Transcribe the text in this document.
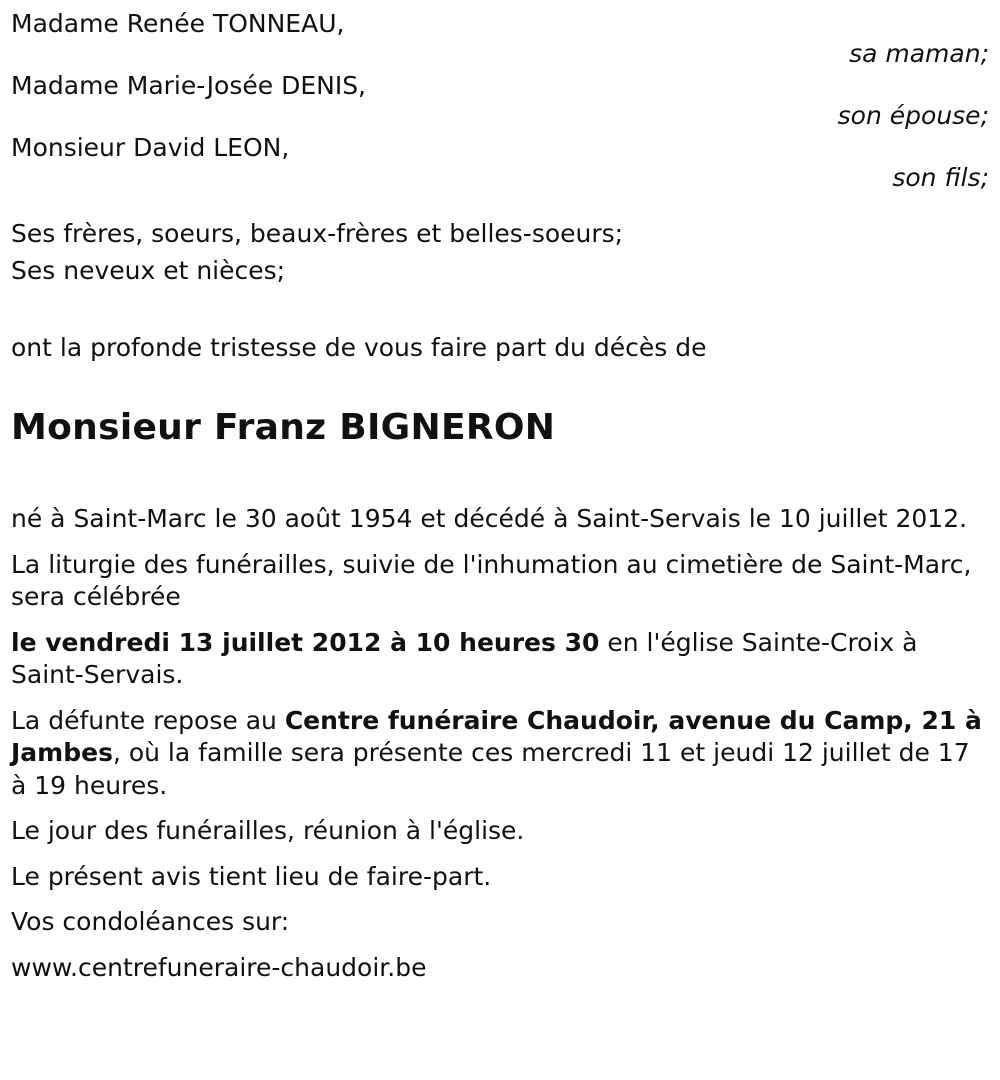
Madame Renée TONNEAU,
sa maman;
Madame Marie-Josée DENIS,
son épouse;
Monsieur David LEON,
son fils;
Ses frères, soeurs, beaux-frères et belles-soeurs;
Ses neveux et nièces;
ont la profonde tristesse de vous faire part du décès de
Monsieur Franz BIGNERON

né à Saint-Marc le 30 août 1954 et décédé à Saint-Servais le 10 juillet 2012.

La liturgie des funérailles, suivie de l'inhumation au cimetière de Saint-Marc, sera célébrée

le vendredi 13 juillet 2012 à 10 heures 30 en l'église Sainte-Croix à Saint-Servais.

La défunte repose au Centre funéraire Chaudoir, avenue du Camp, 21 à Jambes, où la famille sera présente ces mercredi 11 et jeudi 12 juillet de 17 à 19 heures.

Le jour des funérailles, réunion à l'église.

Le présent avis tient lieu de faire-part.

Vos condoléances sur:

www.centrefuneraire-chaudoir.be
